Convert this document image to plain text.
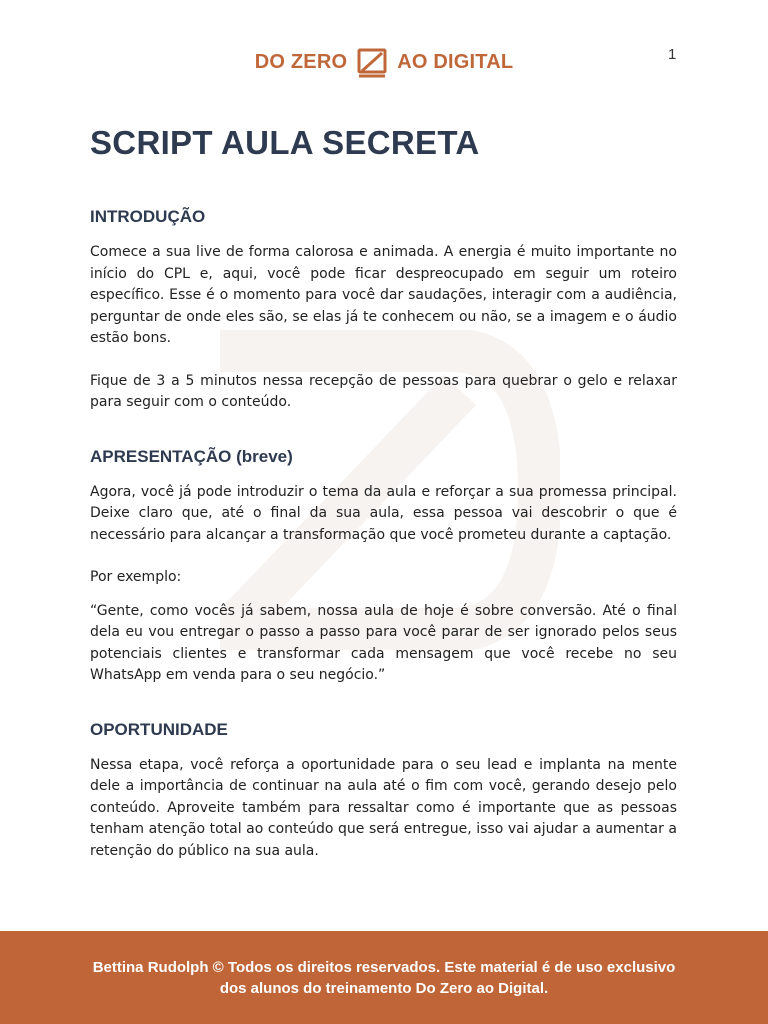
DO ZERO	AO DIGITAL	1
SCRIPT AULA SECRETA
INTRODUÇÃO

Comece a sua live de forma calorosa e animada. A energia é muito importante no início do CPL e, aqui, você pode ficar despreocupado em seguir um roteiro específico. Esse é o momento para você dar saudações, interagir com a audiência, perguntar de onde eles são, se elas já te conhecem ou não, se a imagem e o áudio estão bons.

Fique de 3 a 5 minutos nessa recepção de pessoas para quebrar o gelo e relaxar para seguir com o conteúdo.

APRESENTAÇÃO (breve)

Agora, você já pode introduzir o tema da aula e reforçar a sua promessa principal. Deixe claro que, até o final da sua aula, essa pessoa vai descobrir o que é necessário para alcançar a transformação que você prometeu durante a captação.

Por exemplo:

“Gente, como vocês já sabem, nossa aula de hoje é sobre conversão. Até o final dela eu vou entregar o passo a passo para você parar de ser ignorado pelos seus potenciais clientes e transformar cada mensagem que você recebe no seu WhatsApp em venda para o seu negócio.”

OPORTUNIDADE

Nessa etapa, você reforça a oportunidade para o seu lead e implanta na mente dele a importância de continuar na aula até o fim com você, gerando desejo pelo conteúdo. Aproveite também para ressaltar como é importante que as pessoas tenham atenção total ao conteúdo que será entregue, isso vai ajudar a aumentar a retenção do público na sua aula.

Bettina Rudolph © Todos os direitos reservados. Este material é de uso exclusivo dos alunos do treinamento Do Zero ao Digital.
